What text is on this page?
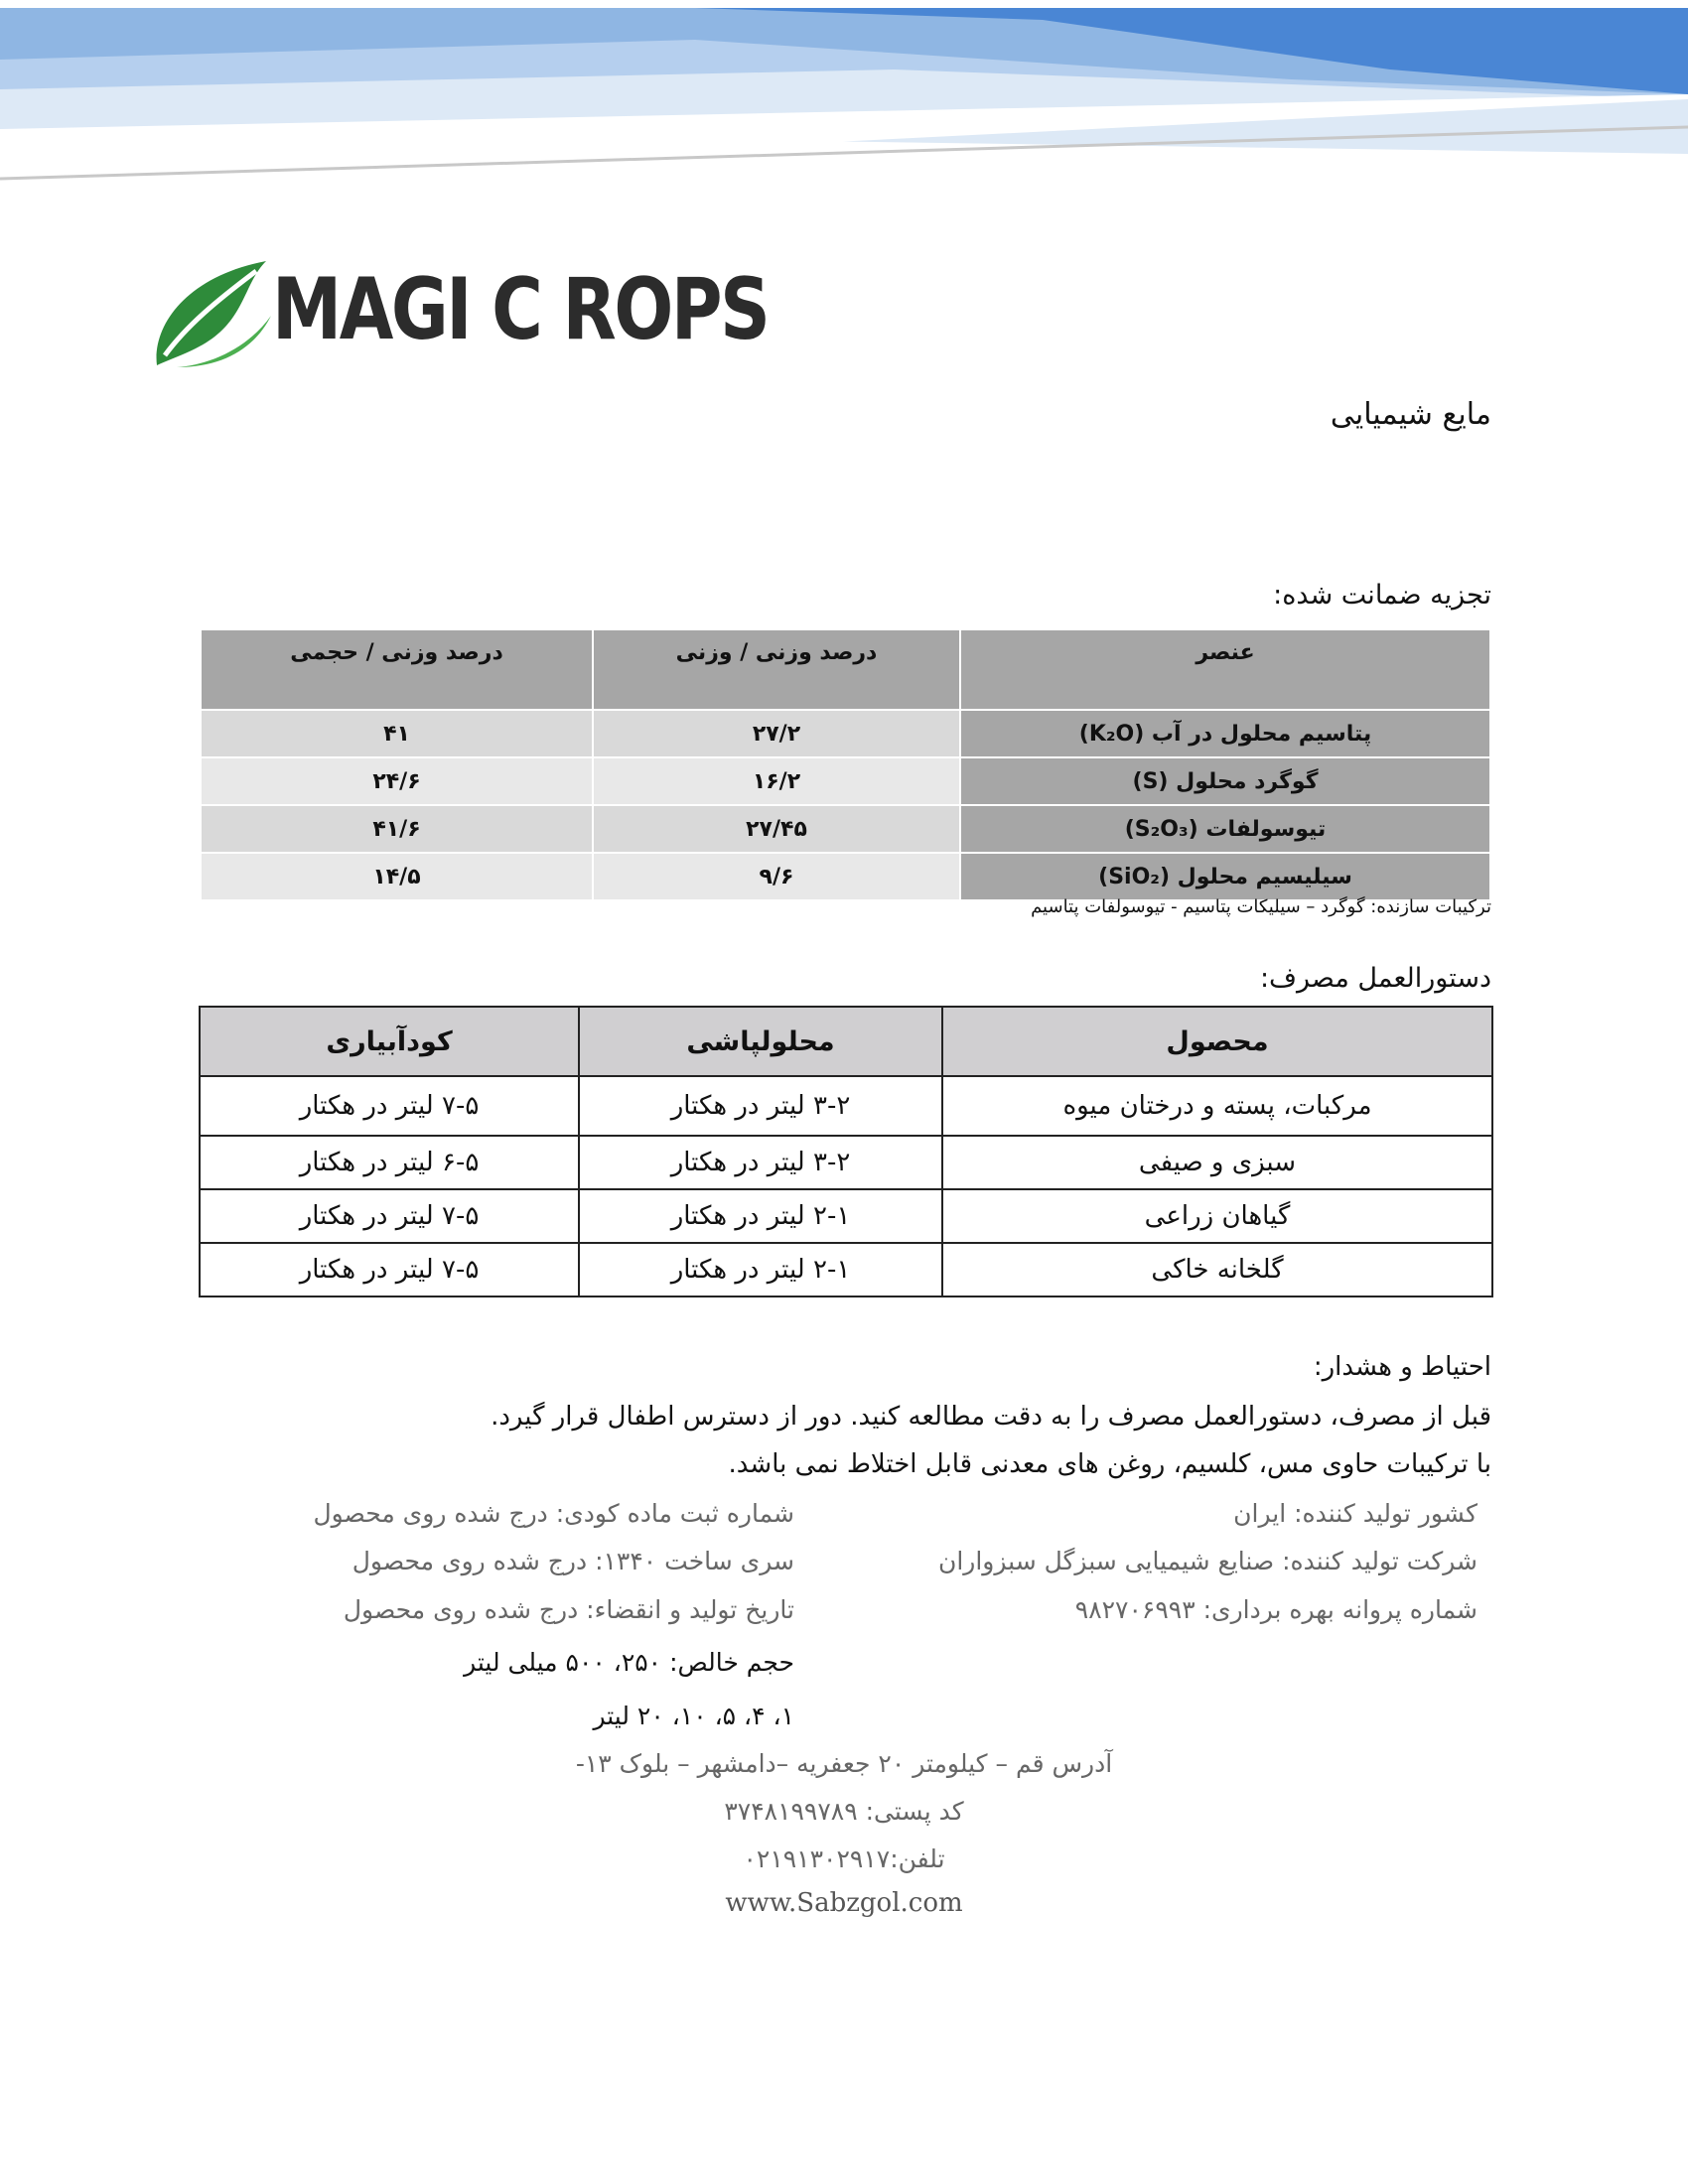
MAGI C ROPS
مایع شیمیایی
تجزیه ضمانت شده:
عنصر	درصد وزنی / وزنی	درصد وزنی / حجمی
پتاسیم محلول در آب (K₂O)	۲۷/۲	۴۱
گوگرد محلول (S)	۱۶/۲	۲۴/۶
تیوسولفات (S₂O₃)	۲۷/۴۵	۴۱/۶
سیلیسیم محلول (SiO₂)	۹/۶	۱۴/۵
ترکیبات سازنده: گوگرد – سیلیکات پتاسیم - تیوسولفات پتاسیم
دستورالعمل مصرف:
محصول	محلولپاشی	کودآبیاری
مرکبات، پسته و درختان میوه	۳-۲ لیتر در هکتار	۷-۵ لیتر در هکتار
سبزی و صیفی	۳-۲ لیتر در هکتار	۶-۵ لیتر در هکتار
گیاهان زراعی	۲-۱ لیتر در هکتار	۷-۵ لیتر در هکتار
گلخانه خاکی	۲-۱ لیتر در هکتار	۷-۵ لیتر در هکتار
احتیاط و هشدار:
قبل از مصرف، دستورالعمل مصرف را به دقت مطالعه کنید. دور از دسترس اطفال قرار گیرد.
با ترکیبات حاوی مس، کلسیم، روغن های معدنی قابل اختلاط نمی باشد.
کشور تولید کننده: ایران
شرکت تولید کننده: صنایع شیمیایی سبزگل سبزواران
شماره پروانه بهره برداری: ۹۸۲۷۰۶۹۹۳
شماره ثبت ماده کودی: درج شده روی محصول
سری ساخت ۱۳۴۰: درج شده روی محصول
تاریخ تولید و انقضاء: درج شده روی محصول
حجم خالص: ۲۵۰، ۵۰۰ میلی لیتر
۱، ۴، ۵، ۱۰، ۲۰ لیتر
آدرس قم – کیلومتر ۲۰ جعفریه –دامشهر – بلوک ۱۳-
کد پستی: ۳۷۴۸۱۹۹۷۸۹
تلفن:۰۲۱۹۱۳۰۲۹۱۷
www.Sabzgol.com
